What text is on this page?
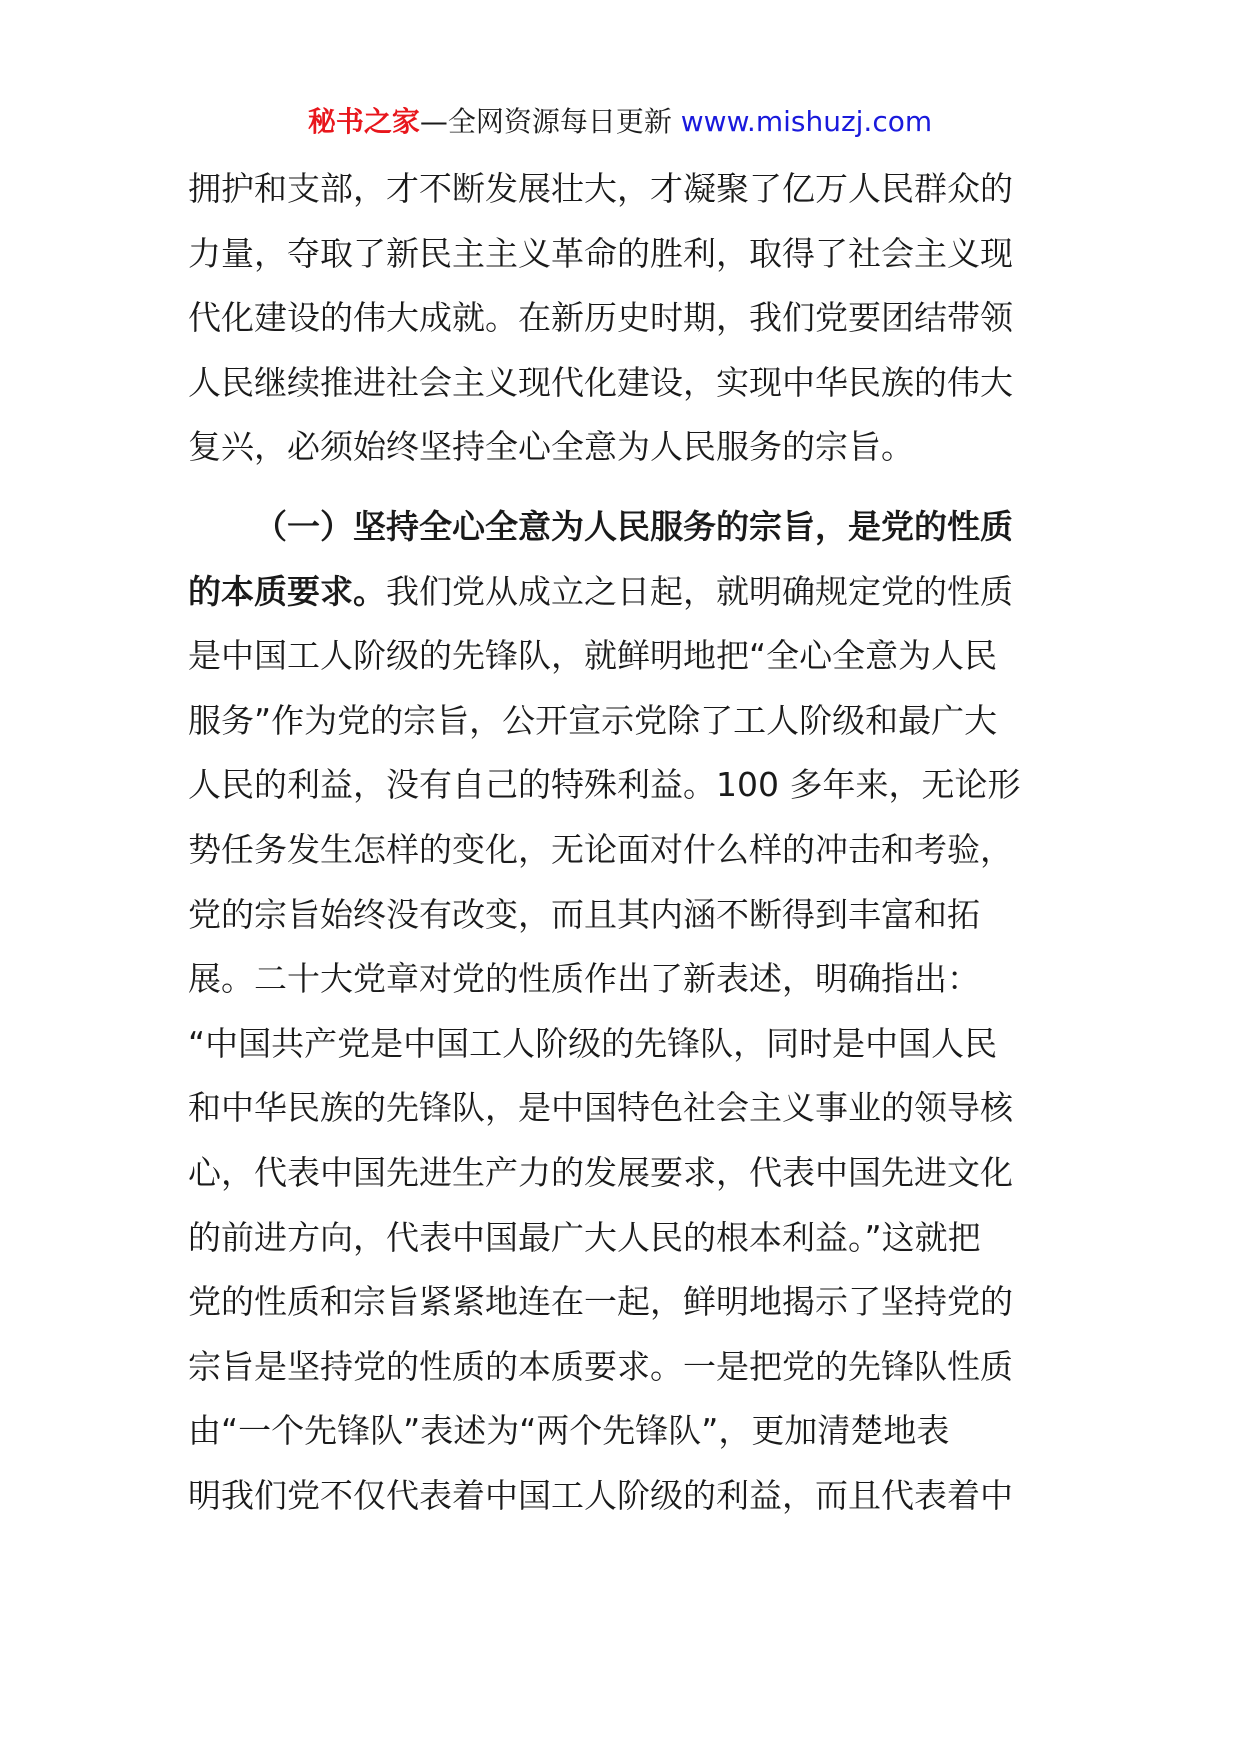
秘书之家—全网资源每日更新 www.mishuzj.com
拥护和支部，才不断发展壮大，才凝聚了亿万人民群众的
力量，夺取了新民主主义革命的胜利，取得了社会主义现
代化建设的伟大成就。在新历史时期，我们党要团结带领
人民继续推进社会主义现代化建设，实现中华民族的伟大
复兴，必须始终坚持全心全意为人民服务的宗旨。
（一）坚持全心全意为人民服务的宗旨，是党的性质
的本质要求。我们党从成立之日起，就明确规定党的性质
是中国工人阶级的先锋队，就鲜明地把“全心全意为人民
服务”作为党的宗旨，公开宣示党除了工人阶级和最广大
人民的利益，没有自己的特殊利益。100 多年来，无论形
势任务发生怎样的变化，无论面对什么样的冲击和考验，
党的宗旨始终没有改变，而且其内涵不断得到丰富和拓
展。二十大党章对党的性质作出了新表述，明确指出：
“中国共产党是中国工人阶级的先锋队，同时是中国人民
和中华民族的先锋队，是中国特色社会主义事业的领导核
心，代表中国先进生产力的发展要求，代表中国先进文化
的前进方向，代表中国最广大人民的根本利益。”这就把
党的性质和宗旨紧紧地连在一起，鲜明地揭示了坚持党的
宗旨是坚持党的性质的本质要求。一是把党的先锋队性质
由“一个先锋队”表述为“两个先锋队”，更加清楚地表
明我们党不仅代表着中国工人阶级的利益，而且代表着中
